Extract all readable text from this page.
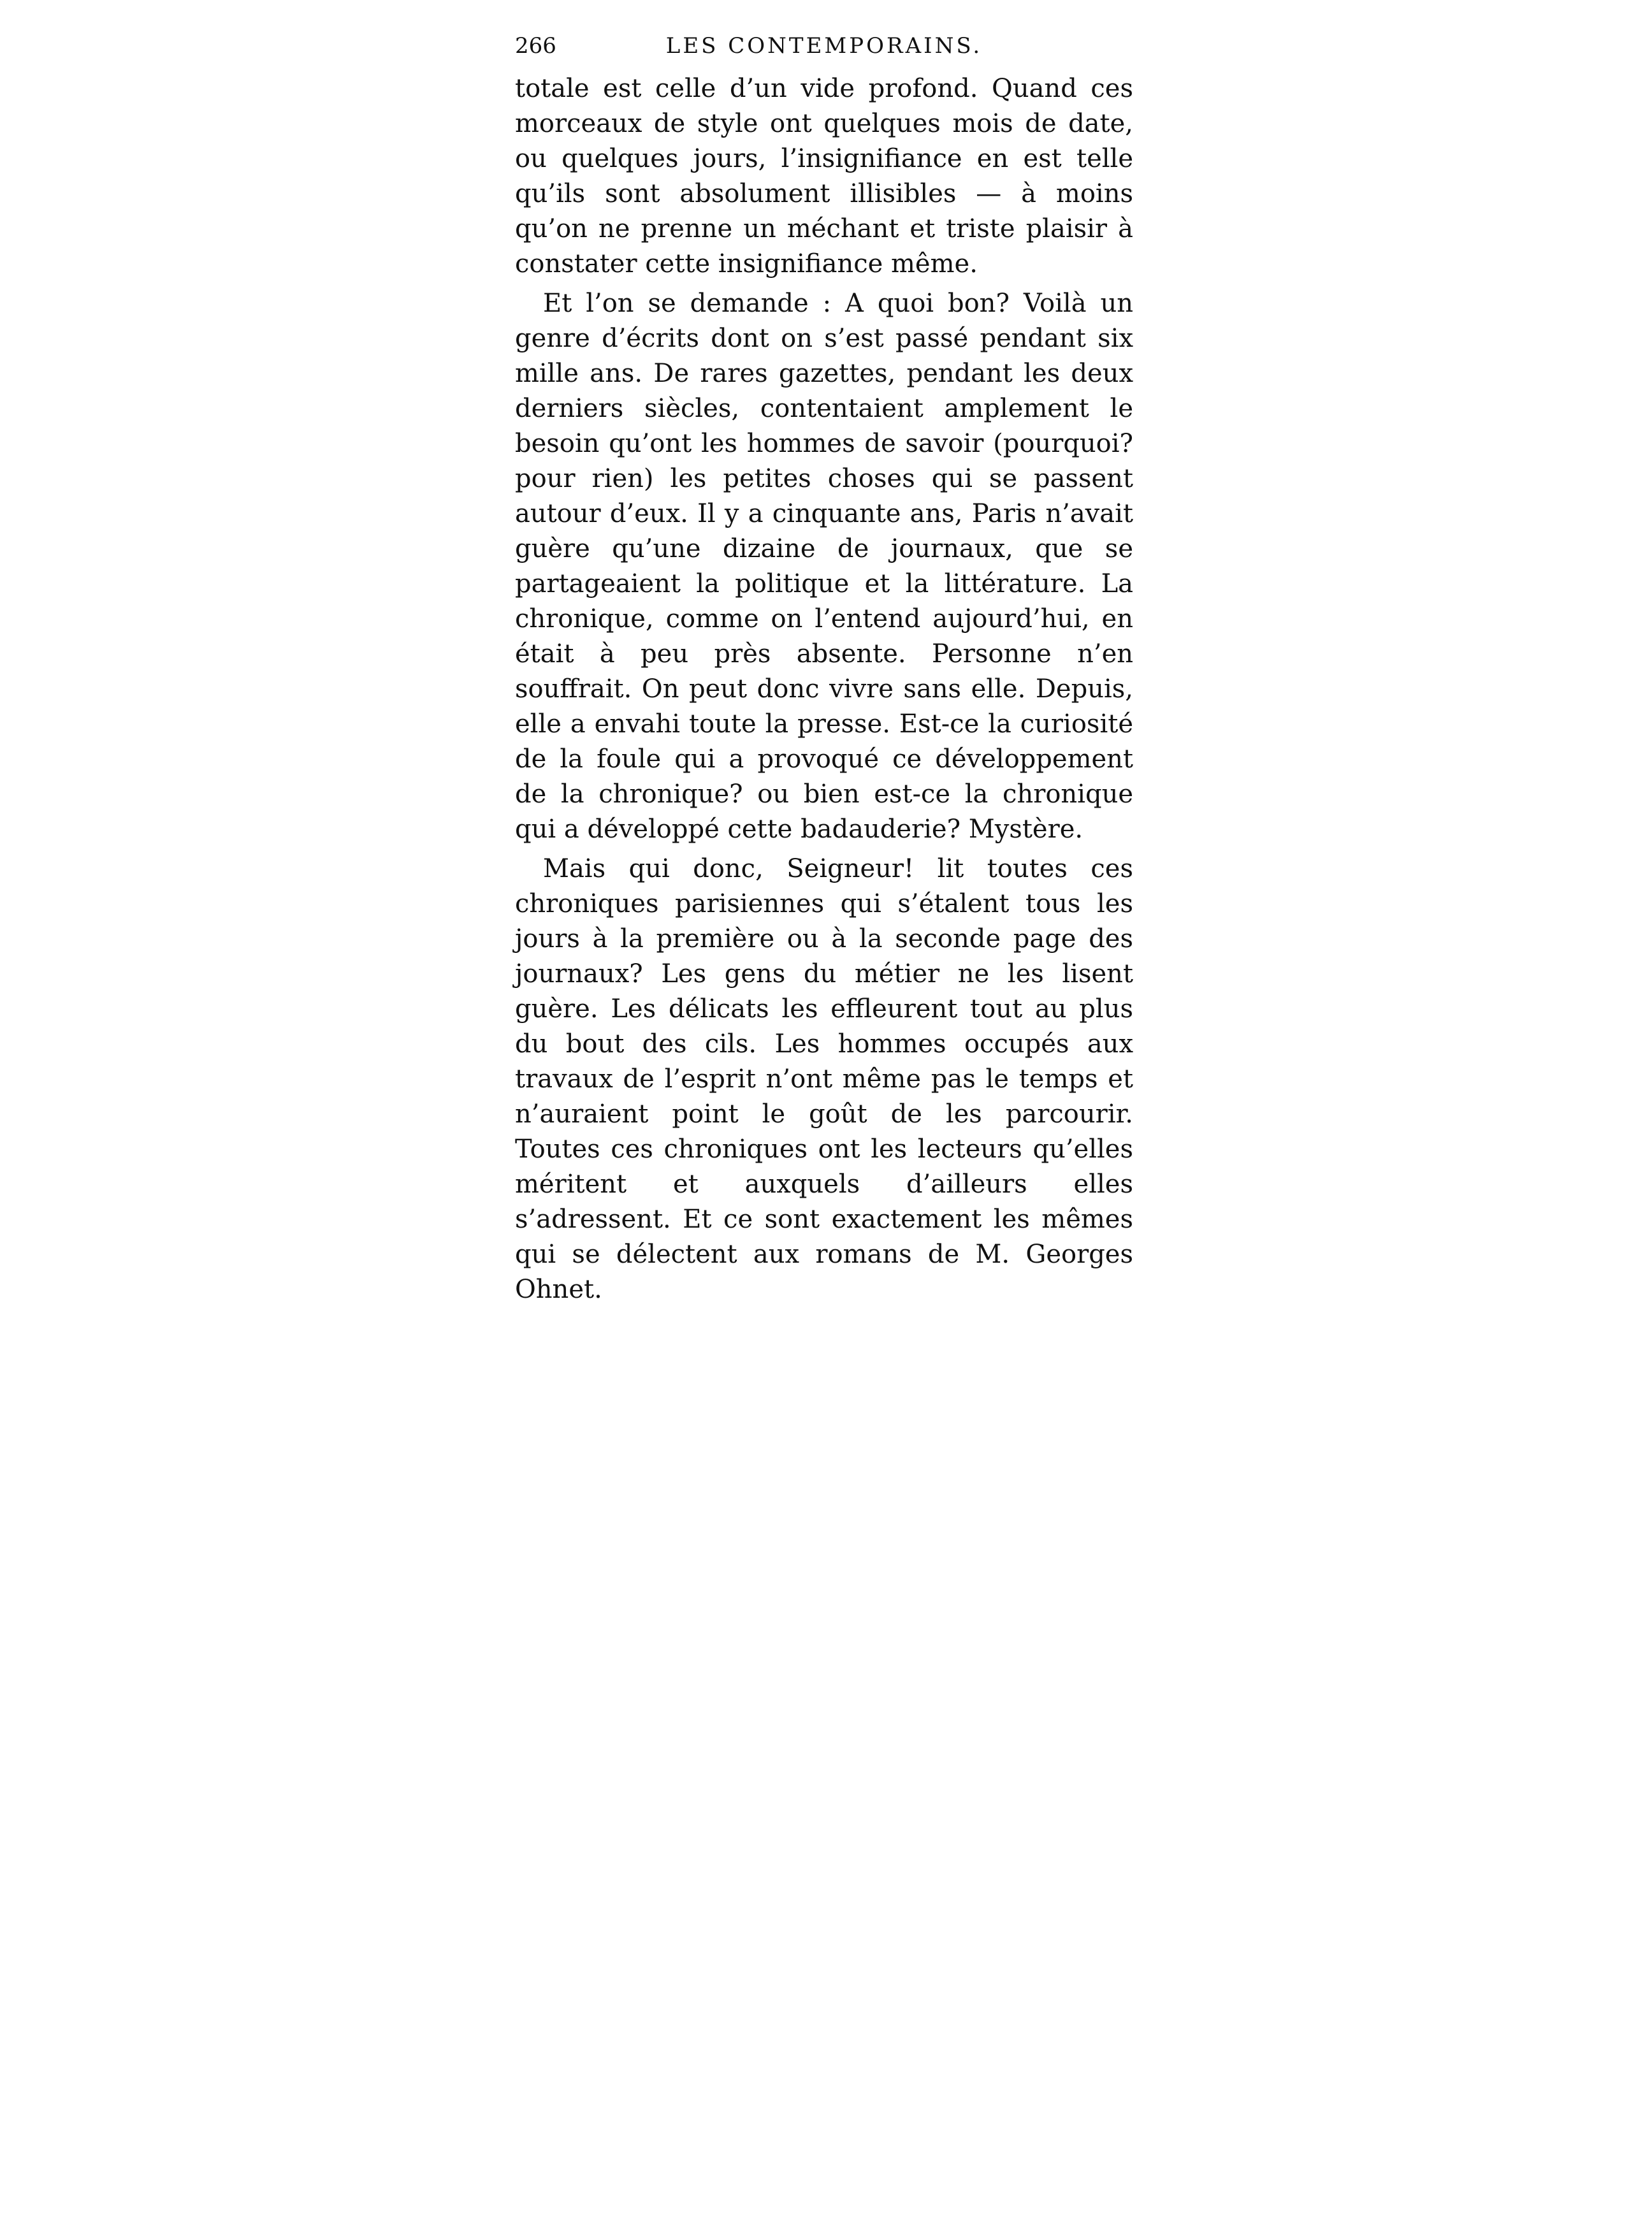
266	LES CONTEMPORAINS.

totale est celle d’un vide profond. Quand ces morceaux de style ont quelques mois de date, ou quelques jours, l’insignifiance en est telle qu’ils sont absolument illisibles — à moins qu’on ne prenne un méchant et triste plaisir à constater cette insignifiance même.

Et l’on se demande : A quoi bon? Voilà un genre d’écrits dont on s’est passé pendant six mille ans. De rares gazettes, pendant les deux derniers siècles, contentaient amplement le besoin qu’ont les hommes de savoir (pourquoi? pour rien) les petites choses qui se passent autour d’eux. Il y a cinquante ans, Paris n’avait guère qu’une dizaine de journaux, que se partageaient la politique et la littérature. La chronique, comme on l’entend aujourd’hui, en était à peu près absente. Personne n’en souffrait. On peut donc vivre sans elle. Depuis, elle a envahi toute la presse. Est-ce la curiosité de la foule qui a provoqué ce développement de la chronique? ou bien est-ce la chronique qui a développé cette badauderie? Mystère.

Mais qui donc, Seigneur! lit toutes ces chroniques parisiennes qui s’étalent tous les jours à la première ou à la seconde page des journaux? Les gens du métier ne les lisent guère. Les délicats les effleurent tout au plus du bout des cils. Les hommes occupés aux travaux de l’esprit n’ont même pas le temps et n’auraient point le goût de les parcourir. Toutes ces chroniques ont les lecteurs qu’elles méritent et auxquels d’ailleurs elles s’adressent. Et ce sont exactement les mêmes qui se délectent aux romans de M. Georges Ohnet.
